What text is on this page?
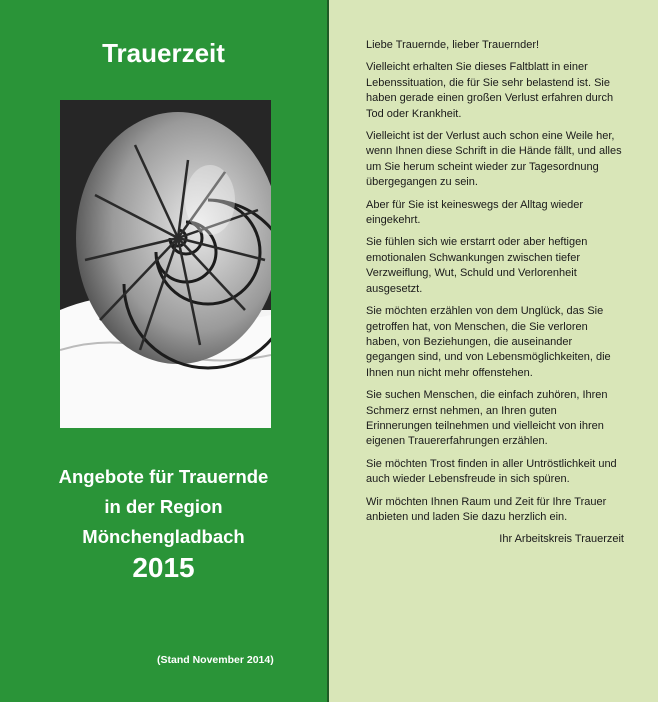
Trauerzeit
Angebote für Trauernde
in der Region
Mönchengladbach
2015
(Stand November 2014)

Liebe Trauernde, lieber Trauernder!

Vielleicht erhalten Sie dieses Faltblatt in einer Lebenssituation, die für Sie sehr belastend ist. Sie haben gerade einen großen Verlust erfahren durch Tod oder Krankheit.

Vielleicht ist der Verlust auch schon eine Weile her, wenn Ihnen diese Schrift in die Hände fällt, und alles um Sie herum scheint wieder zur Tagesordnung übergegangen zu sein.

Aber für Sie ist keineswegs der Alltag wieder eingekehrt.

Sie fühlen sich wie erstarrt oder aber heftigen emotionalen Schwankungen zwischen tiefer Verzweiflung, Wut, Schuld und Verlorenheit ausgesetzt.

Sie möchten erzählen von dem Unglück, das Sie getroffen hat, von Menschen, die Sie verloren haben, von Beziehungen, die auseinander gegangen sind, und von Lebensmöglichkeiten, die Ihnen nun nicht mehr offenstehen.

Sie suchen Menschen, die einfach zuhören, Ihren Schmerz ernst nehmen, an Ihren guten Erinnerungen teilnehmen und vielleicht von ihren eigenen Trauererfahrungen erzählen.

Sie möchten Trost finden in aller Untröstlichkeit und auch wieder Lebensfreude in sich spüren.

Wir möchten Ihnen Raum und Zeit für Ihre Trauer anbieten und laden Sie dazu herzlich ein.

Ihr Arbeitskreis Trauerzeit
